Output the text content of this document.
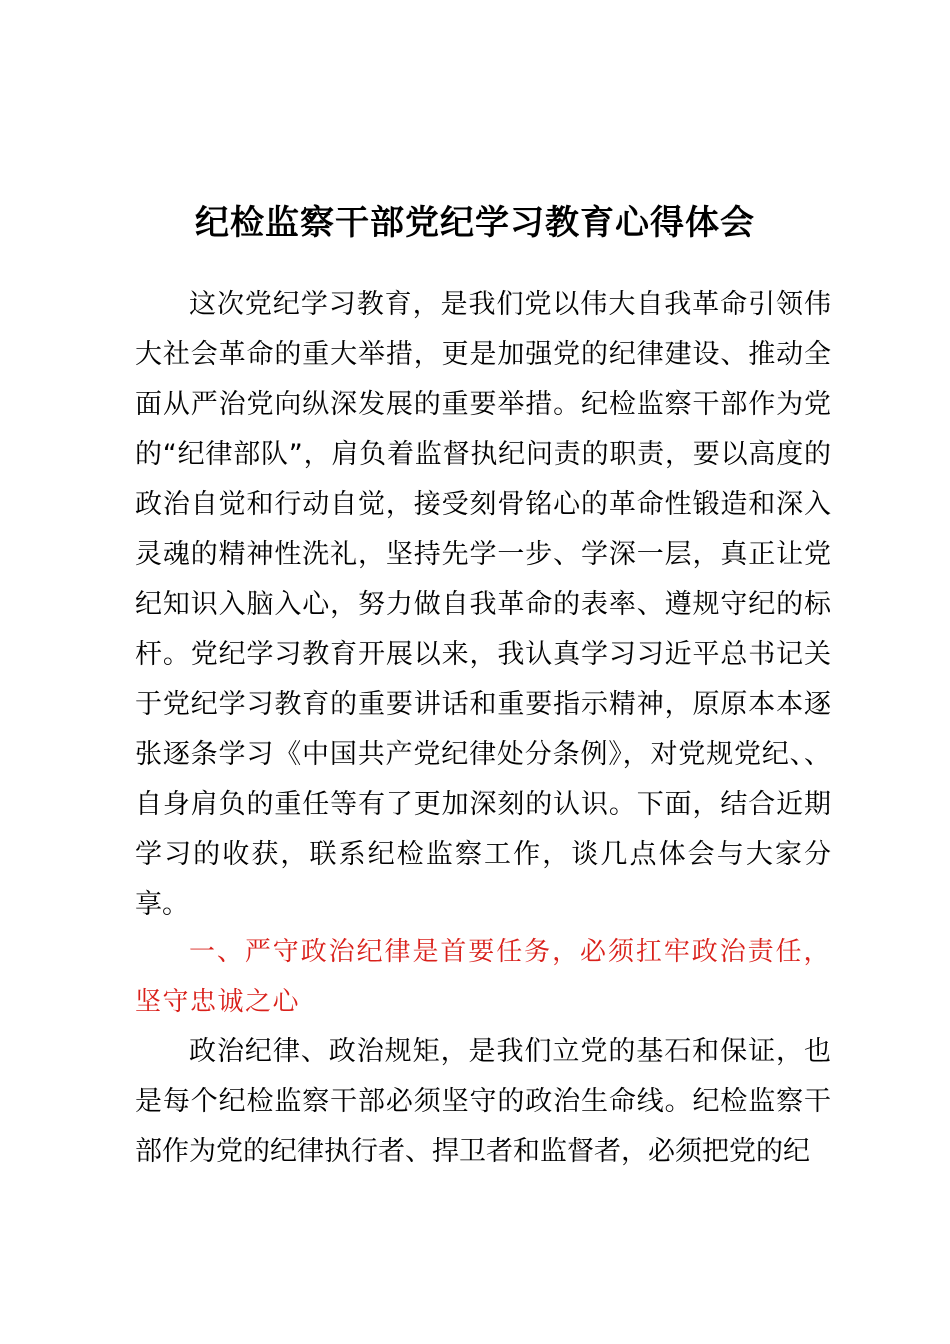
纪检监察干部党纪学习教育心得体会

这次党纪学习教育，是我们党以伟大自我革命引领伟大社会革命的重大举措，更是加强党的纪律建设、推动全面从严治党向纵深发展的重要举措。纪检监察干部作为党的“纪律部队”，肩负着监督执纪问责的职责，要以高度的政治自觉和行动自觉，接受刻骨铭心的革命性锻造和深入灵魂的精神性洗礼，坚持先学一步、学深一层，真正让党纪知识入脑入心，努力做自我革命的表率、遵规守纪的标杆。党纪学习教育开展以来，我认真学习习近平总书记关于党纪学习教育的重要讲话和重要指示精神，原原本本逐张逐条学习《中国共产党纪律处分条例》，对党规党纪、、自身肩负的重任等有了更加深刻的认识。下面，结合近期学习的收获，联系纪检监察工作，谈几点体会与大家分享。

一、严守政治纪律是首要任务，必须扛牢政治责任，坚守忠诚之心

政治纪律、政治规矩，是我们立党的基石和保证，也是每个纪检监察干部必须坚守的政治生命线。纪检监察干部作为党的纪律执行者、捍卫者和监督者，必须把党的纪
